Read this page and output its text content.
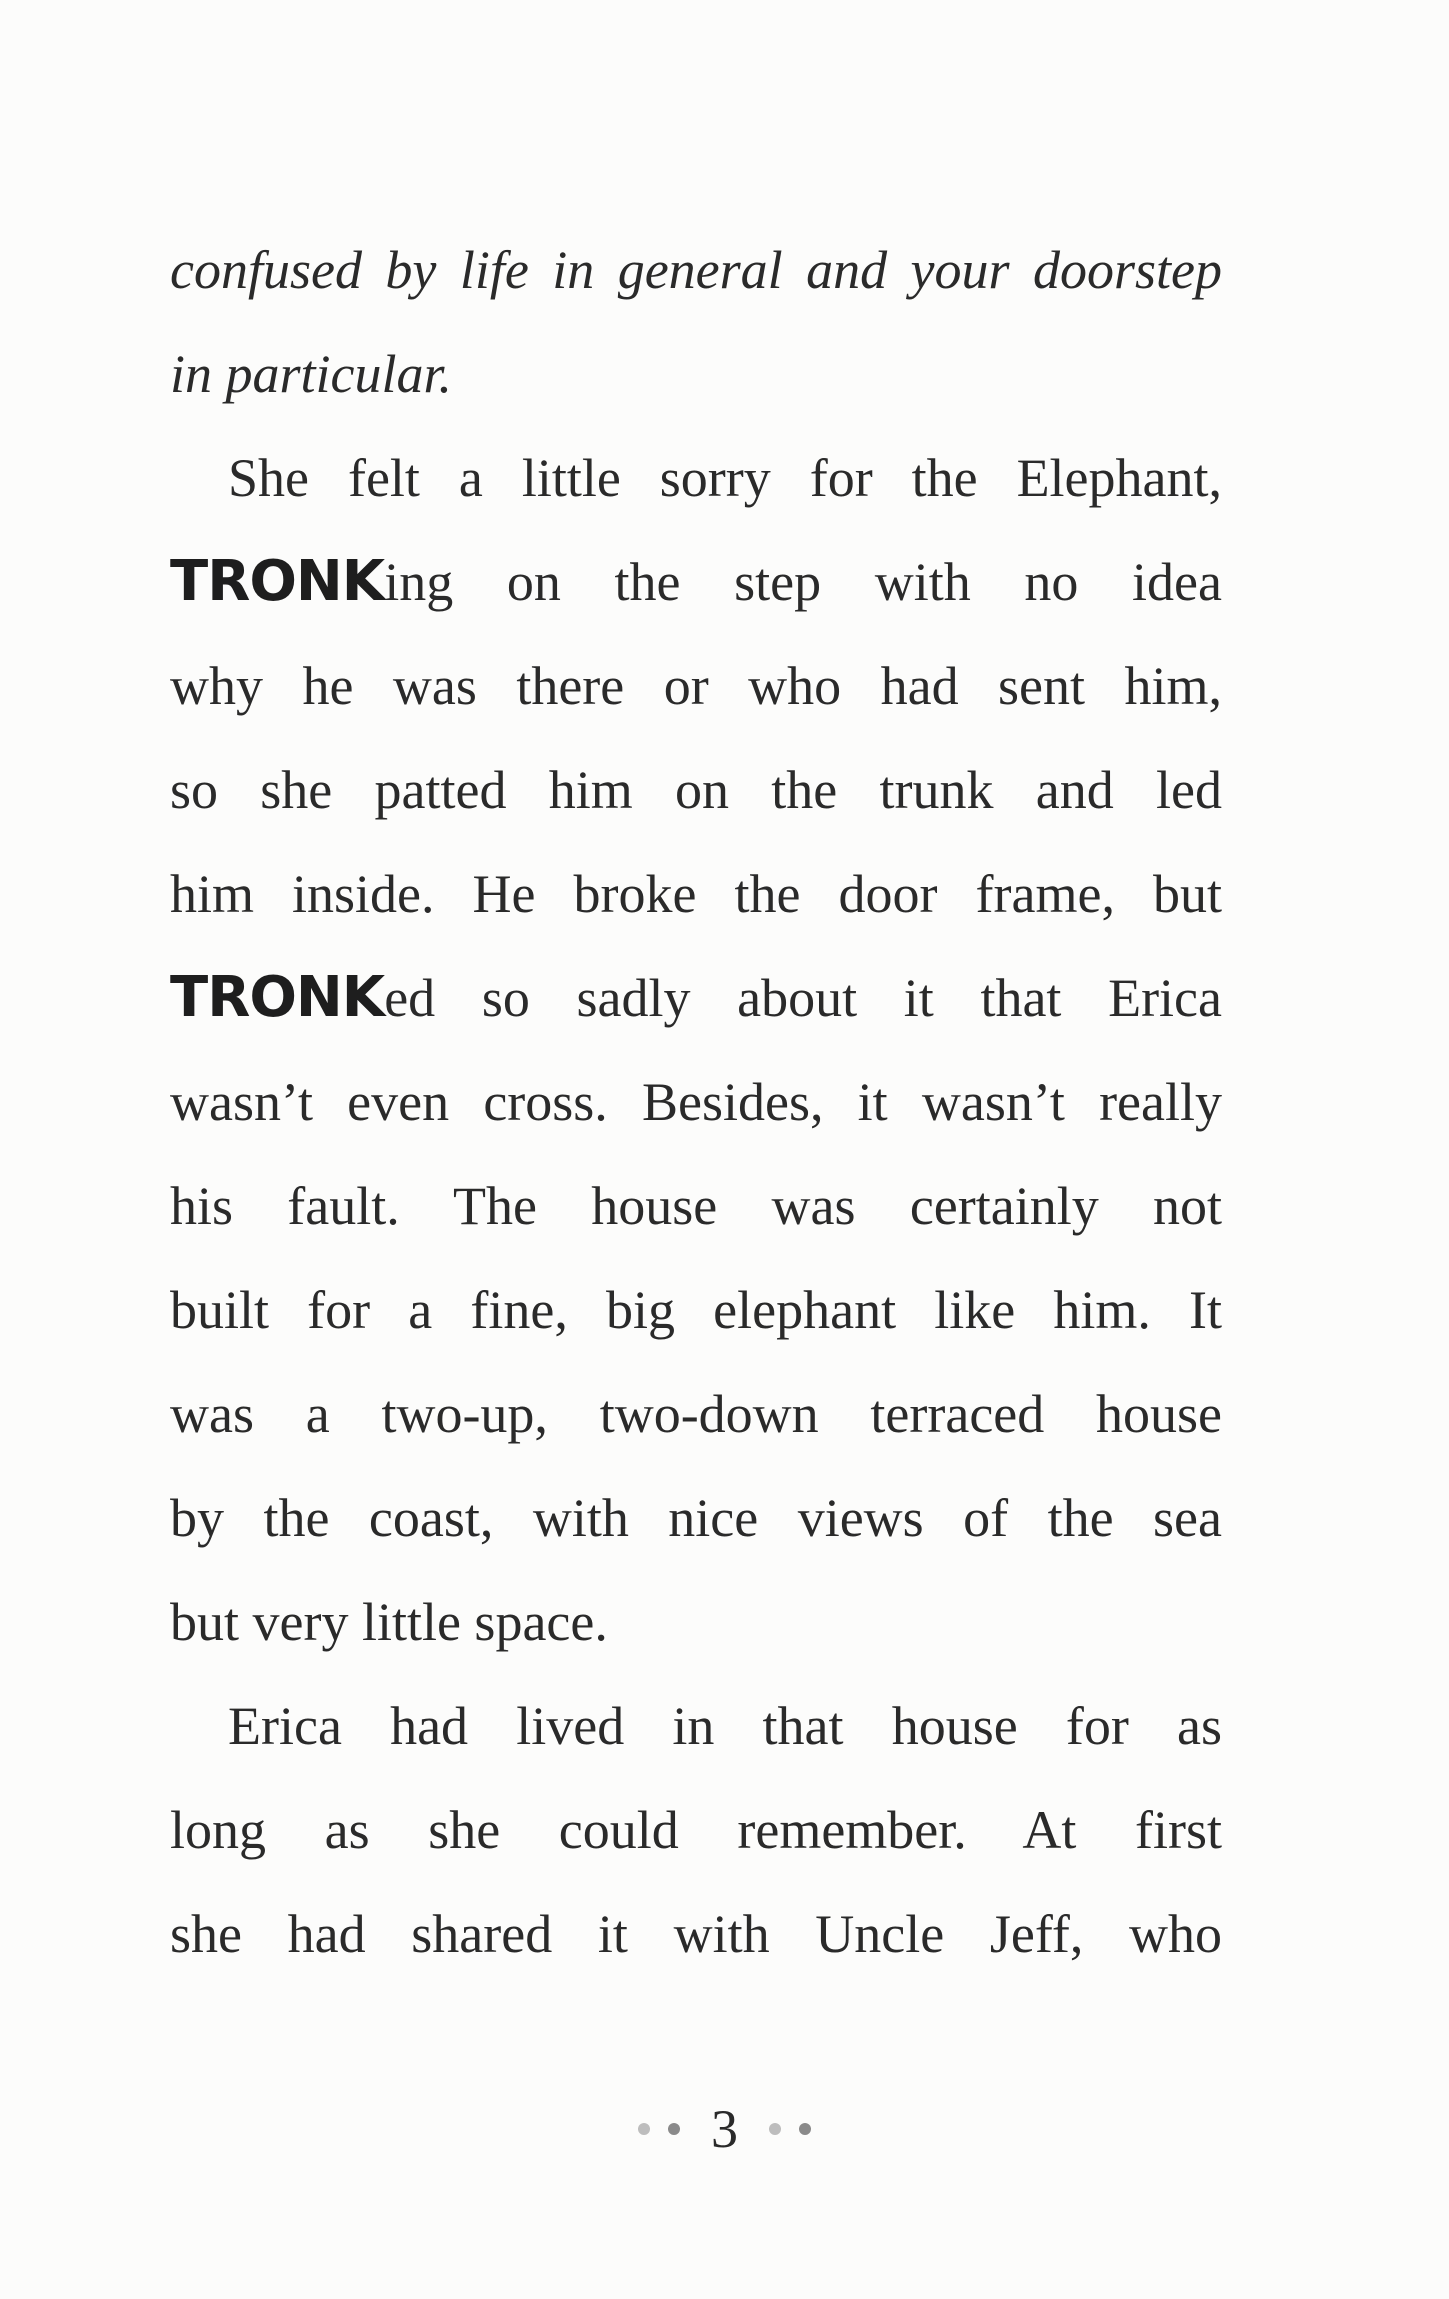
confused by life in general and your doorstep
in particular.
She felt a little sorry for the Elephant,
TRONKing on the step with no idea
why he was there or who had sent him,
so she patted him on the trunk and led
him inside. He broke the door frame, but
TRONKed so sadly about it that Erica
wasn’t even cross. Besides, it wasn’t really
his fault. The house was certainly not
built for a fine, big elephant like him. It
was a two-up, two-down terraced house
by the coast, with nice views of the sea
but very little space.
Erica had lived in that house for as
long as she could remember. At first
she had shared it with Uncle Jeff, who
3
